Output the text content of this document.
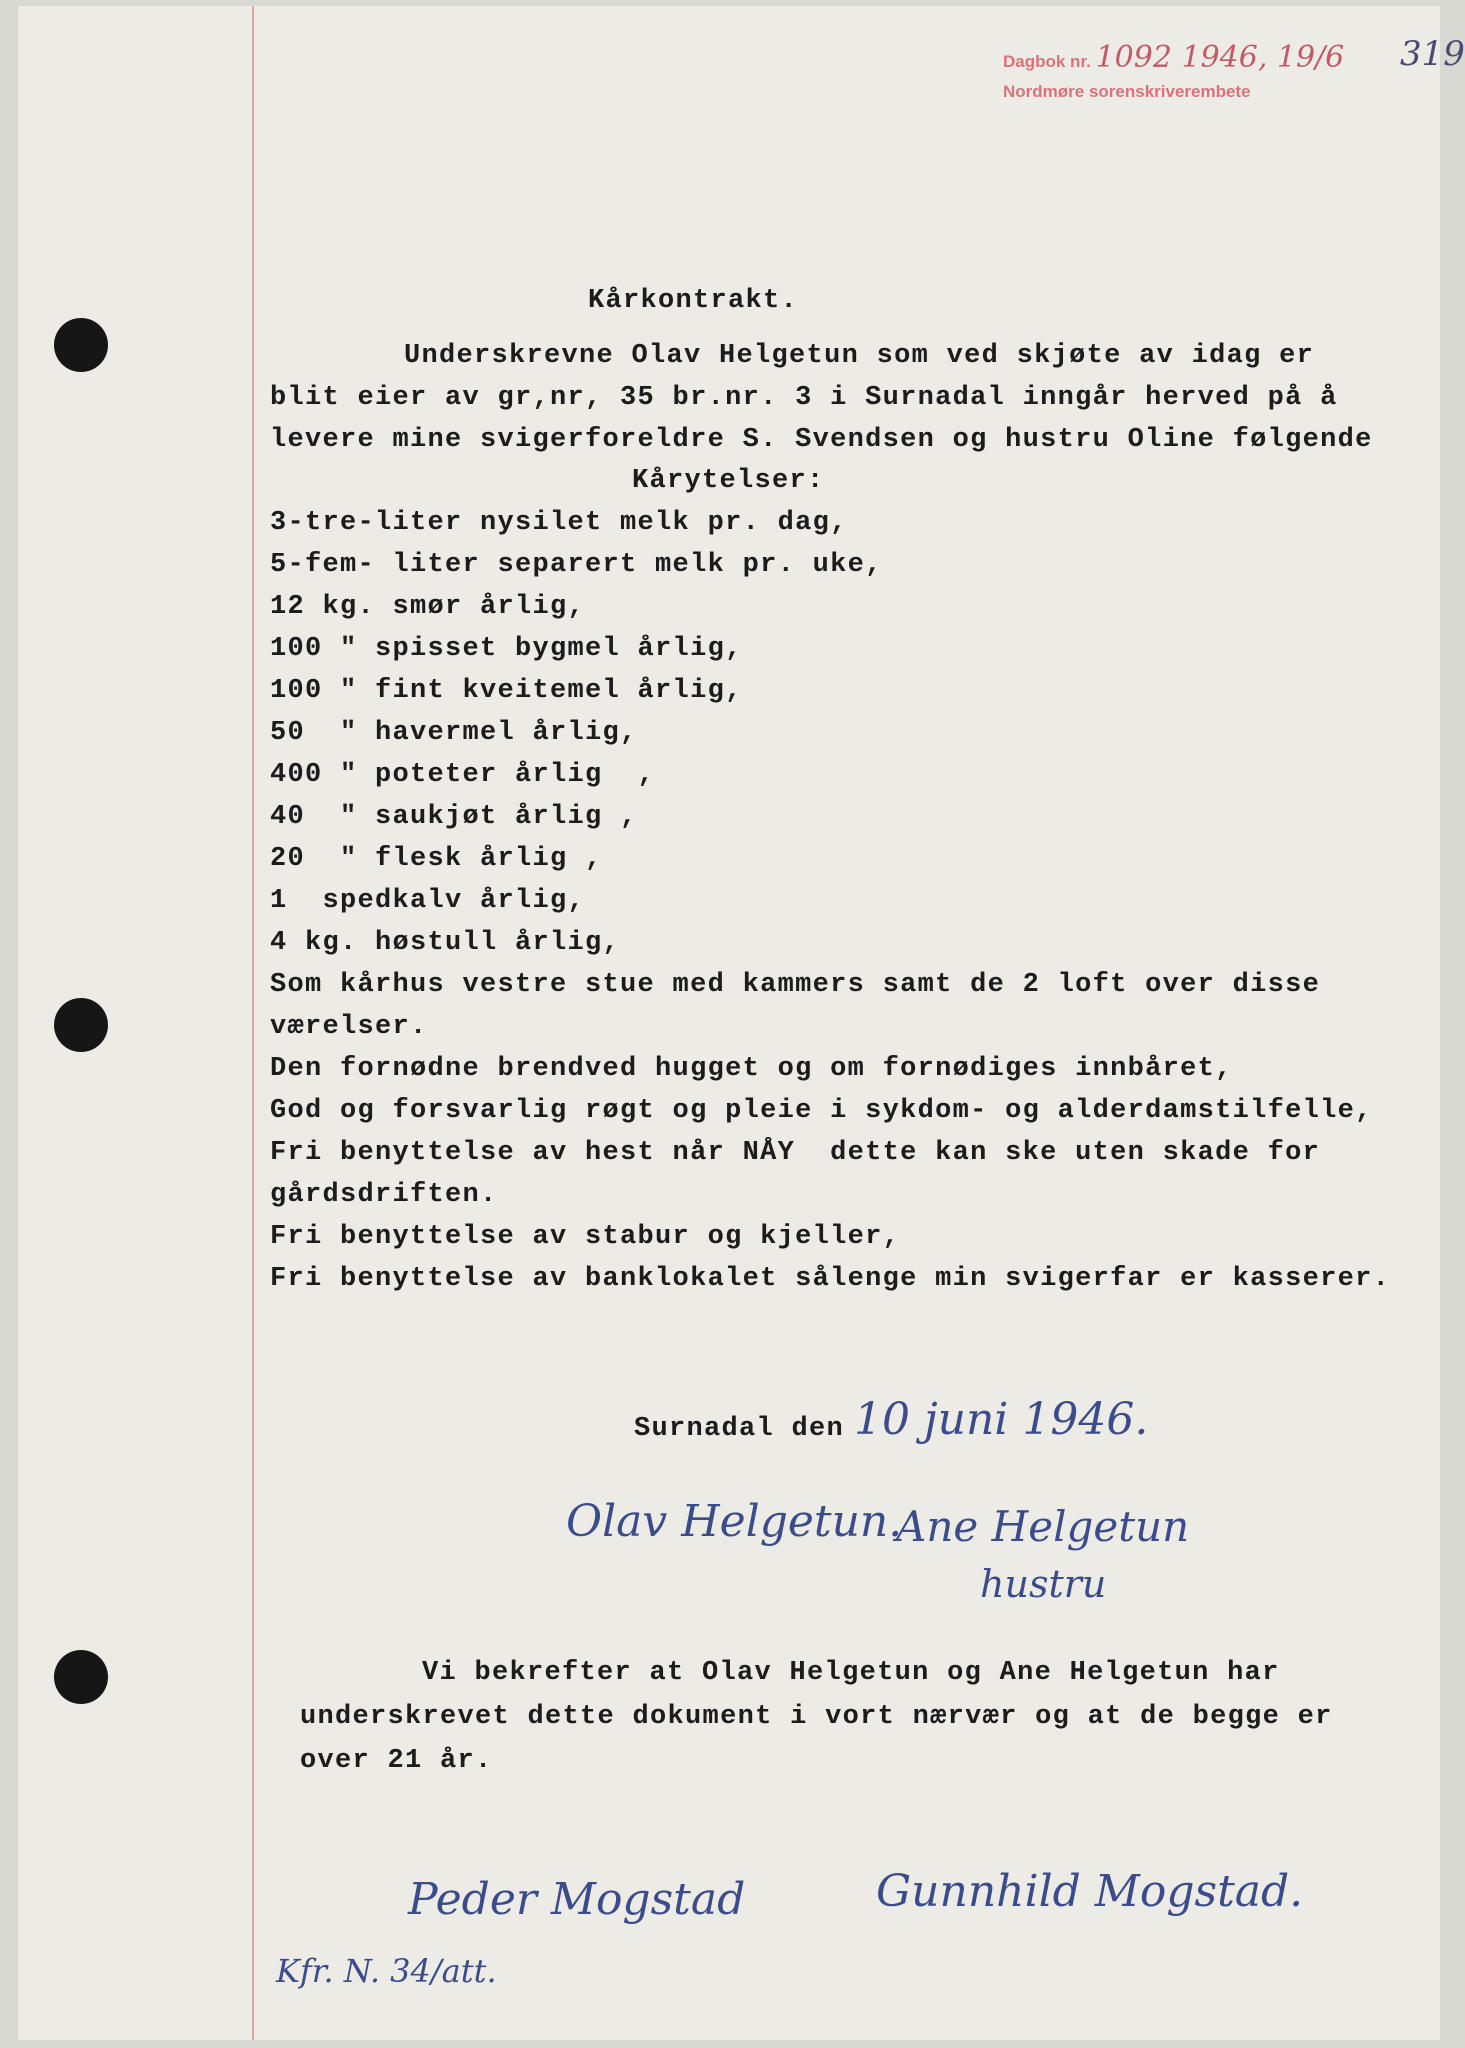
Dagbok nr. 1092 1946, 19/6
Nordmøre sorenskriverembete
319
Kårkontrakt.
Underskrevne Olav Helgetun som ved skjøte av idag er
blit eier av gr,nr, 35 br.nr. 3 i Surnadal inngår herved på å
levere mine svigerforeldre S. Svendsen og hustru Oline følgende
Kårytelser:
3-tre-liter nysilet melk pr. dag,
5-fem- liter separert melk pr. uke,
12 kg. smør årlig,
100 " spisset bygmel årlig,
100 " fint kveitemel årlig,
50  " havermel årlig,
400 " poteter årlig  ,
40  " saukjøt årlig ,
20  " flesk årlig ,
1  spedkalv årlig,
4 kg. høstull årlig,
Som kårhus vestre stue med kammers samt de 2 loft over disse
værelser.
Den fornødne brendved hugget og om fornødiges innbåret,
God og forsvarlig røgt og pleie i sykdom- og alderdamstilfelle,
Fri benyttelse av hest når NÅY  dette kan ske uten skade for
gårdsdriften.
Fri benyttelse av stabur og kjeller,
Fri benyttelse av banklokalet sålenge min svigerfar er kasserer.
Surnadal den 10 juni 1946.
Olav Helgetun.
Ane Helgetun
hustru
Vi bekrefter at Olav Helgetun og Ane Helgetun har
underskrevet dette dokument i vort nærvær og at de begge er
over 21 år.
Peder Mogstad	Gunnhild Mogstad.
Kfr. N. 34/att.
